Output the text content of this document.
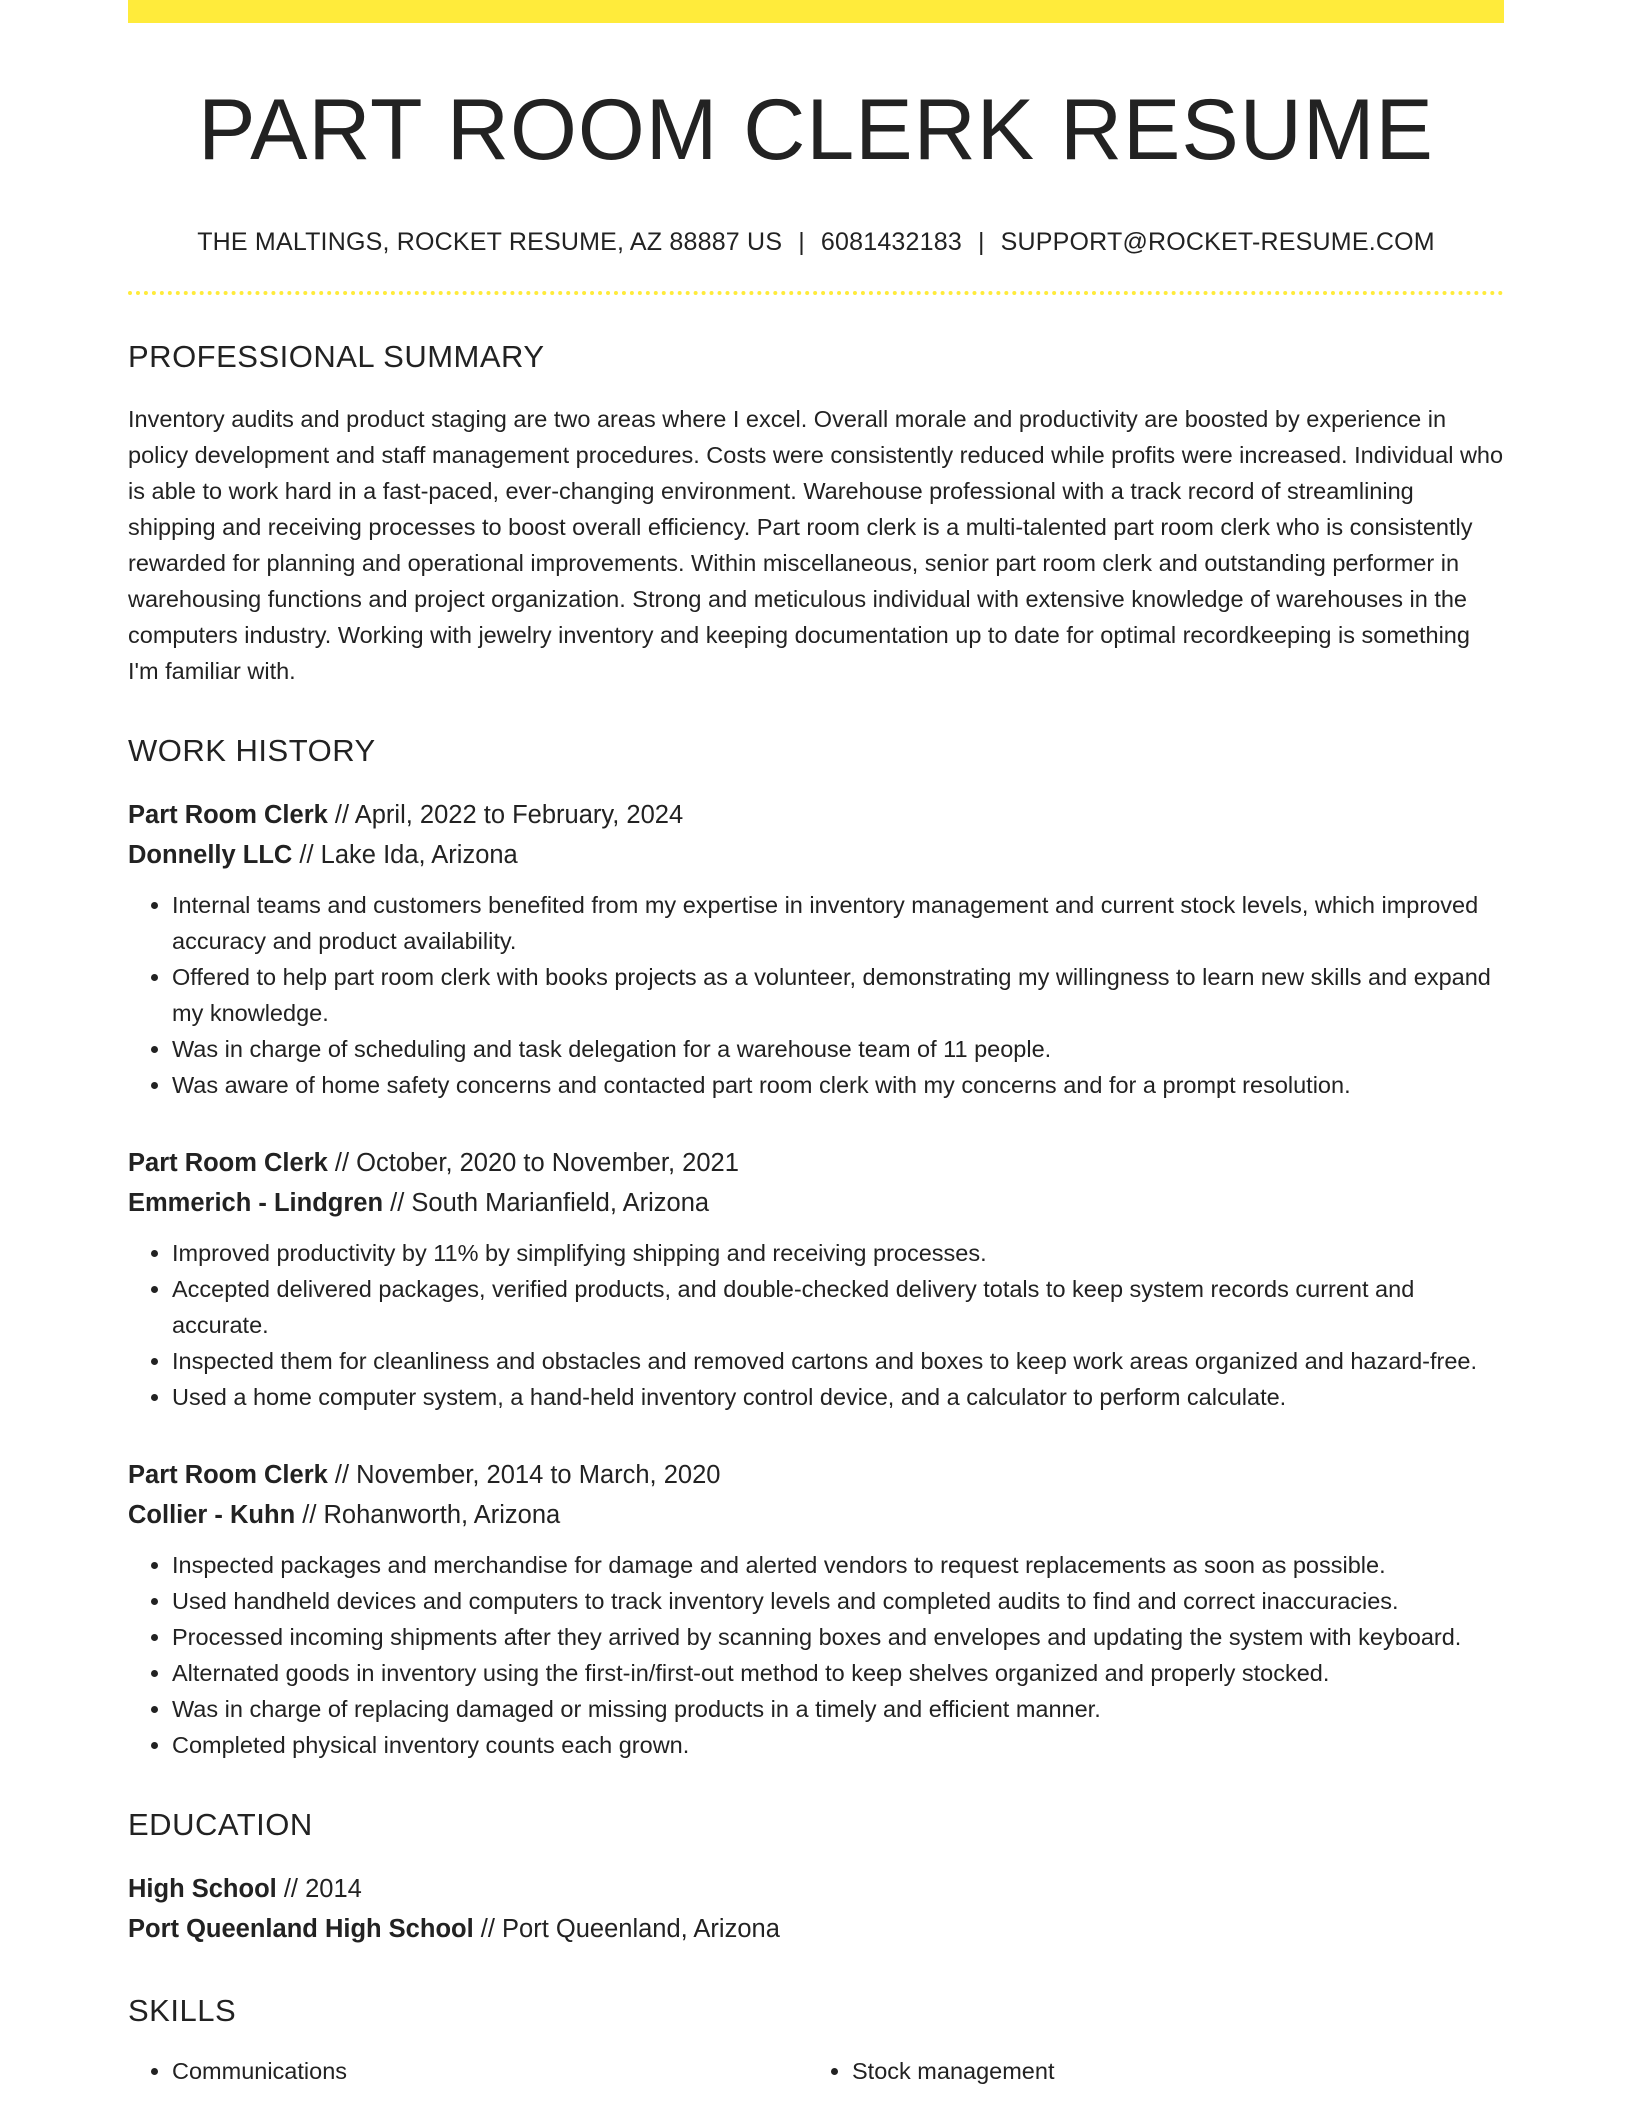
PART ROOM CLERK RESUME
THE MALTINGS, ROCKET RESUME, AZ 88887 US | 6081432183 | SUPPORT@ROCKET-RESUME.COM
PROFESSIONAL SUMMARY

Inventory audits and product staging are two areas where I excel. Overall morale and productivity are boosted by experience in policy development and staff management procedures. Costs were consistently reduced while profits were increased. Individual who is able to work hard in a fast-paced, ever-changing environment. Warehouse professional with a track record of streamlining shipping and receiving processes to boost overall efficiency. Part room clerk is a multi-talented part room clerk who is consistently rewarded for planning and operational improvements. Within miscellaneous, senior part room clerk and outstanding performer in warehousing functions and project organization. Strong and meticulous individual with extensive knowledge of warehouses in the computers industry. Working with jewelry inventory and keeping documentation up to date for optimal recordkeeping is something I'm familiar with.

WORK HISTORY
Part Room Clerk // April, 2022 to February, 2024
Donnelly LLC // Lake Ida, Arizona
• Internal teams and customers benefited from my expertise in inventory management and current stock levels, which improved accuracy and product availability.
• Offered to help part room clerk with books projects as a volunteer, demonstrating my willingness to learn new skills and expand my knowledge.
• Was in charge of scheduling and task delegation for a warehouse team of 11 people.
• Was aware of home safety concerns and contacted part room clerk with my concerns and for a prompt resolution.
Part Room Clerk // October, 2020 to November, 2021
Emmerich - Lindgren // South Marianfield, Arizona
• Improved productivity by 11% by simplifying shipping and receiving processes.
• Accepted delivered packages, verified products, and double-checked delivery totals to keep system records current and accurate.
• Inspected them for cleanliness and obstacles and removed cartons and boxes to keep work areas organized and hazard-free.
• Used a home computer system, a hand-held inventory control device, and a calculator to perform calculate.
Part Room Clerk // November, 2014 to March, 2020
Collier - Kuhn // Rohanworth, Arizona
• Inspected packages and merchandise for damage and alerted vendors to request replacements as soon as possible.
• Used handheld devices and computers to track inventory levels and completed audits to find and correct inaccuracies.
• Processed incoming shipments after they arrived by scanning boxes and envelopes and updating the system with keyboard.
• Alternated goods in inventory using the first-in/first-out method to keep shelves organized and properly stocked.
• Was in charge of replacing damaged or missing products in a timely and efficient manner.
• Completed physical inventory counts each grown.
EDUCATION
High School // 2014
Port Queenland High School // Port Queenland, Arizona
SKILLS
• Communications
•	Stock management
